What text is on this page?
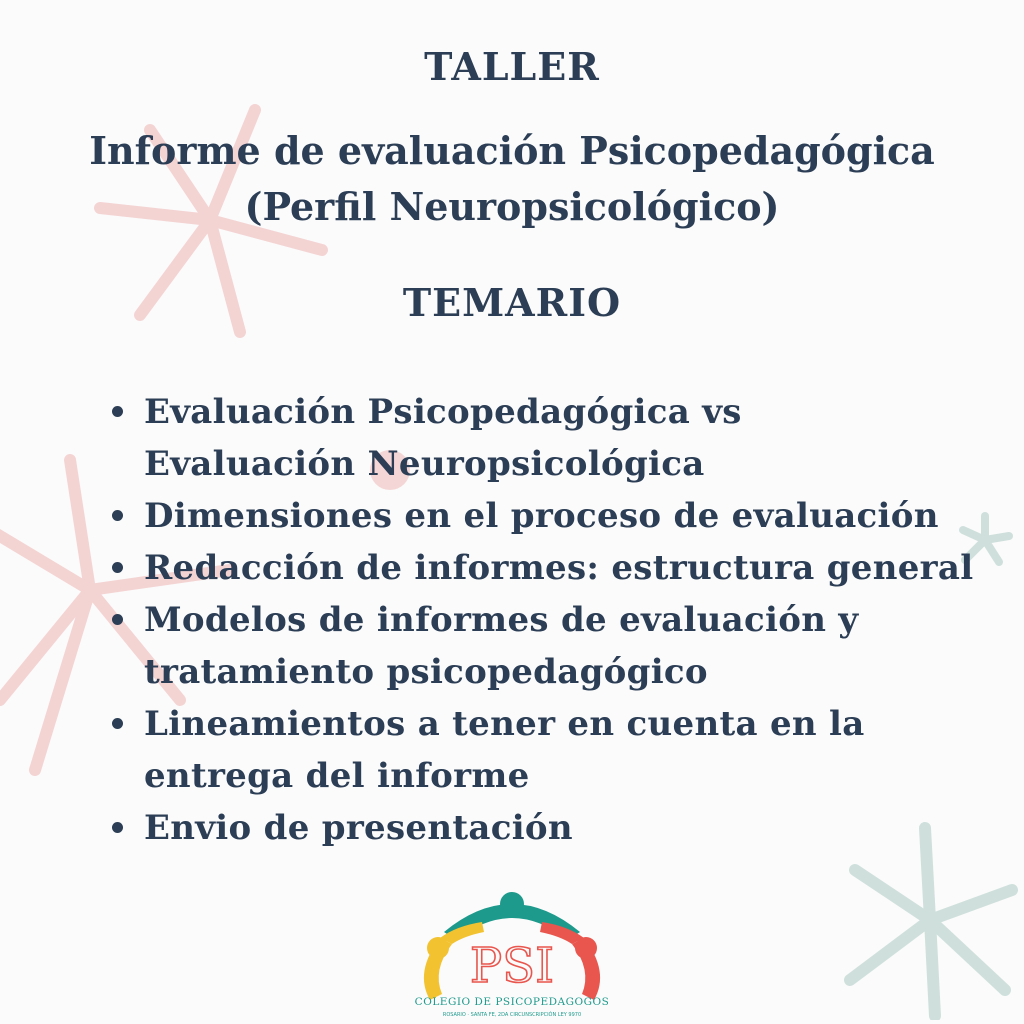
TALLER
Informe de evaluación Psicopedagógica
(Perfil Neuropsicológico)
TEMARIO
Evaluación Psicopedagógica vs
Evaluación Neuropsicológica
Dimensiones en el proceso de evaluación
Redacción de informes: estructura general
Modelos de informes de evaluación y
tratamiento psicopedagógico
Lineamientos a tener en cuenta en la
entrega del informe
Envio de presentación
PSI
COLEGIO DE PSICOPEDAGOGOS
ROSARIO · SANTA FE, 2DA CIRCUNSCRIPCIÓN LEY 9970
